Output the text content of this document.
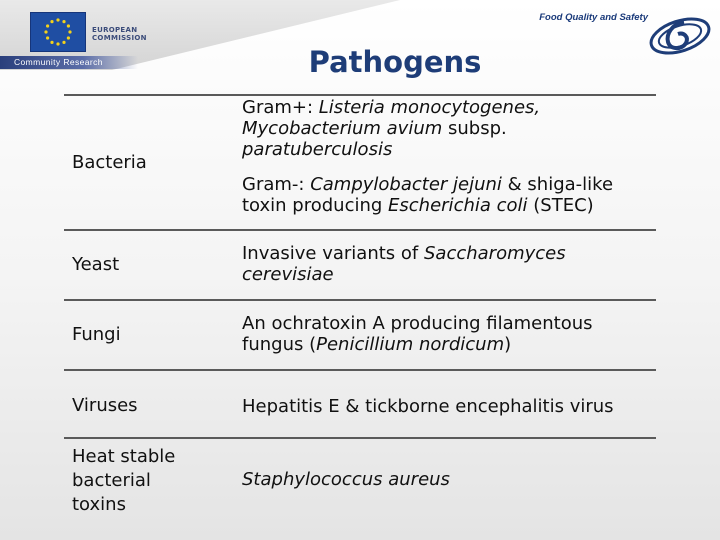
EUROPEAN
COMMISSION
Community Research
Food Quality and Safety
Pathogens
Bacteria

Gram+: Listeria monocytogenes,

Mycobacterium avium subsp.

paratuberculosis

Gram-: Campylobacter jejuni & shiga-like

toxin producing Escherichia coli (STEC)

Yeast

Invasive variants of Saccharomyces

cerevisiae

Fungi

An ochratoxin A producing filamentous

fungus (Penicillium nordicum)

Viruses	Hepatitis E & tickborne encephalitis virus

Heat stable
bacterial
toxins

Staphylococcus aureus
